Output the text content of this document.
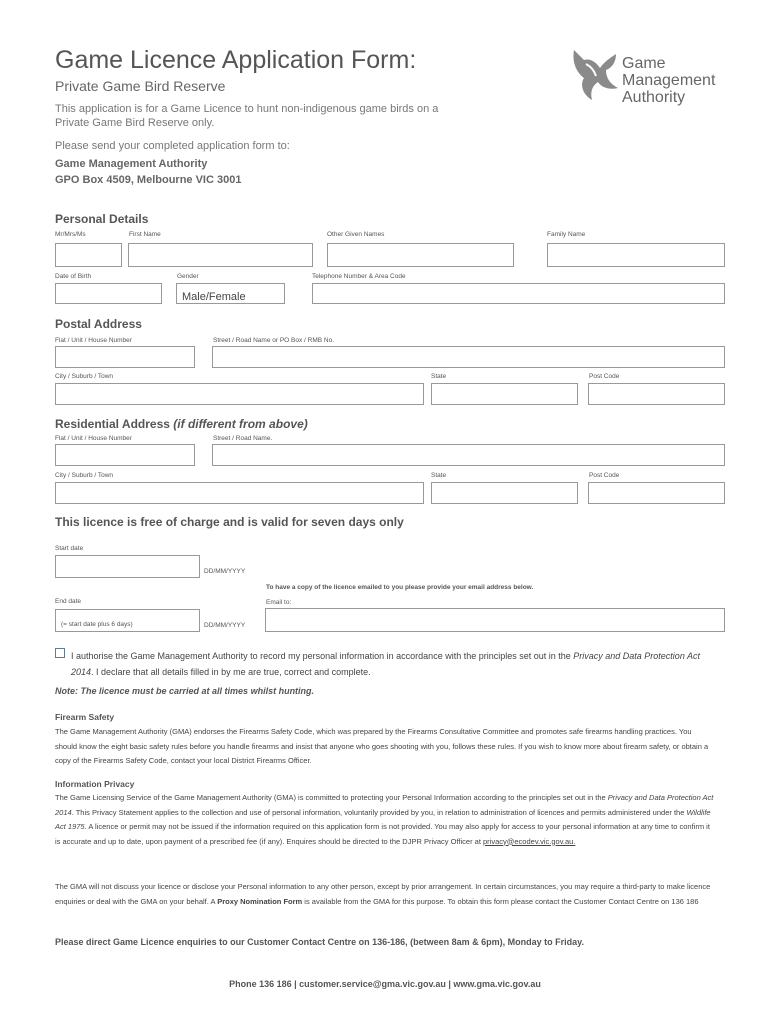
Game Licence Application Form:
Private Game Bird Reserve
This application is for a Game Licence to hunt non-indigenous game birds on a Private Game Bird Reserve only.
Please send your completed application form to:
Game Management Authority
GPO Box 4509, Melbourne VIC 3001
Game
Management
Authority
Personal Details
Mr/Mrs/Ms	First Name	Other Given Names	Family Name
Date of Birth	Gender	Telephone Number & Area Code
Male/Female
Postal Address
Flat / Unit / House Number	Street / Road Name or PO Box / RMB No.
City / Suburb / Town	State	Post Code
Residential Address (if different from above)
Flat / Unit / House Number	Street / Road Name.
City / Suburb / Town	State	Post Code
This licence is free of charge and is valid for seven days only
Start date
DD/MM/YYYY
To have a copy of the licence emailed to you please provide your email address below.
End date	Email to:
(= start date plus 6 days)	DD/MM/YYYY
I authorise the Game Management Authority to record my personal information in accordance with the principles set out in the Privacy and Data Protection Act 2014. I declare that all details filled in by me are true, correct and complete.
Note: The licence must be carried at all times whilst hunting.
Firearm Safety
The Game Management Authority (GMA) endorses the Firearms Safety Code, which was prepared by the Firearms Consultative Committee and promotes safe firearms handling practices. You should know the eight basic safety rules before you handle firearms and insist that anyone who goes shooting with you, follows these rules. If you wish to know more about firearm safety, or obtain a copy of the Firearms Safety Code, contact your local District Firearms Officer.
Information Privacy
The Game Licensing Service of the Game Management Authority (GMA) is committed to protecting your Personal Information according to the principles set out in the Privacy and Data Protection Act 2014. This Privacy Statement applies to the collection and use of personal information, voluntarily provided by you, in relation to administration of licences and permits administered under the Wildlife Act 1975. A licence or permit may not be issued if the information required on this application form is not provided. You may also apply for access to your personal information at any time to confirm it is accurate and up to date, upon payment of a prescribed fee (if any). Enquires should be directed to the DJPR Privacy Officer at privacy@ecodev.vic.gov.au.
The GMA will not discuss your licence or disclose your Personal information to any other person, except by prior arrangement. In certain circumstances, you may require a third-party to make licence enquiries or deal with the GMA on your behalf. A Proxy Nomination Form is available from the GMA for this purpose. To obtain this form please contact the Customer Contact Centre on 136 186
Please direct Game Licence enquiries to our Customer Contact Centre on 136-186, (between 8am & 6pm), Monday to Friday.
Phone 136 186 | customer.service@gma.vic.gov.au | www.gma.vic.gov.au
